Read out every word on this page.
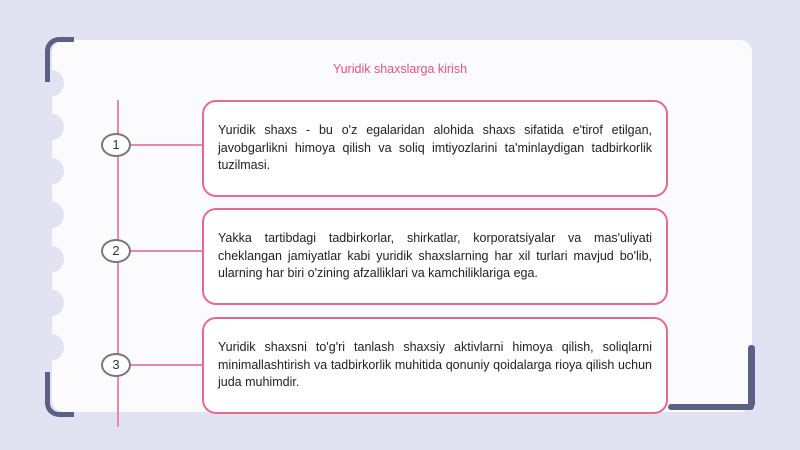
Yuridik shaxslarga kirish
1
2
3

Yuridik shaxs - bu o'z egalaridan alohida shaxs sifatida e'tirof etilgan, javobgarlikni himoya qilish va soliq imtiyozlarini ta'minlaydigan tadbirkorlik tuzilmasi.

Yakka tartibdagi tadbirkorlar, shirkatlar, korporatsiyalar va mas'uliyati cheklangan jamiyatlar kabi yuridik shaxslarning har xil turlari mavjud bo'lib, ularning har biri o'zining afzalliklari va kamchiliklariga ega.

Yuridik shaxsni to'g'ri tanlash shaxsiy aktivlarni himoya qilish, soliqlarni minimallashtirish va tadbirkorlik muhitida qonuniy qoidalarga rioya qilish uchun juda muhimdir.
